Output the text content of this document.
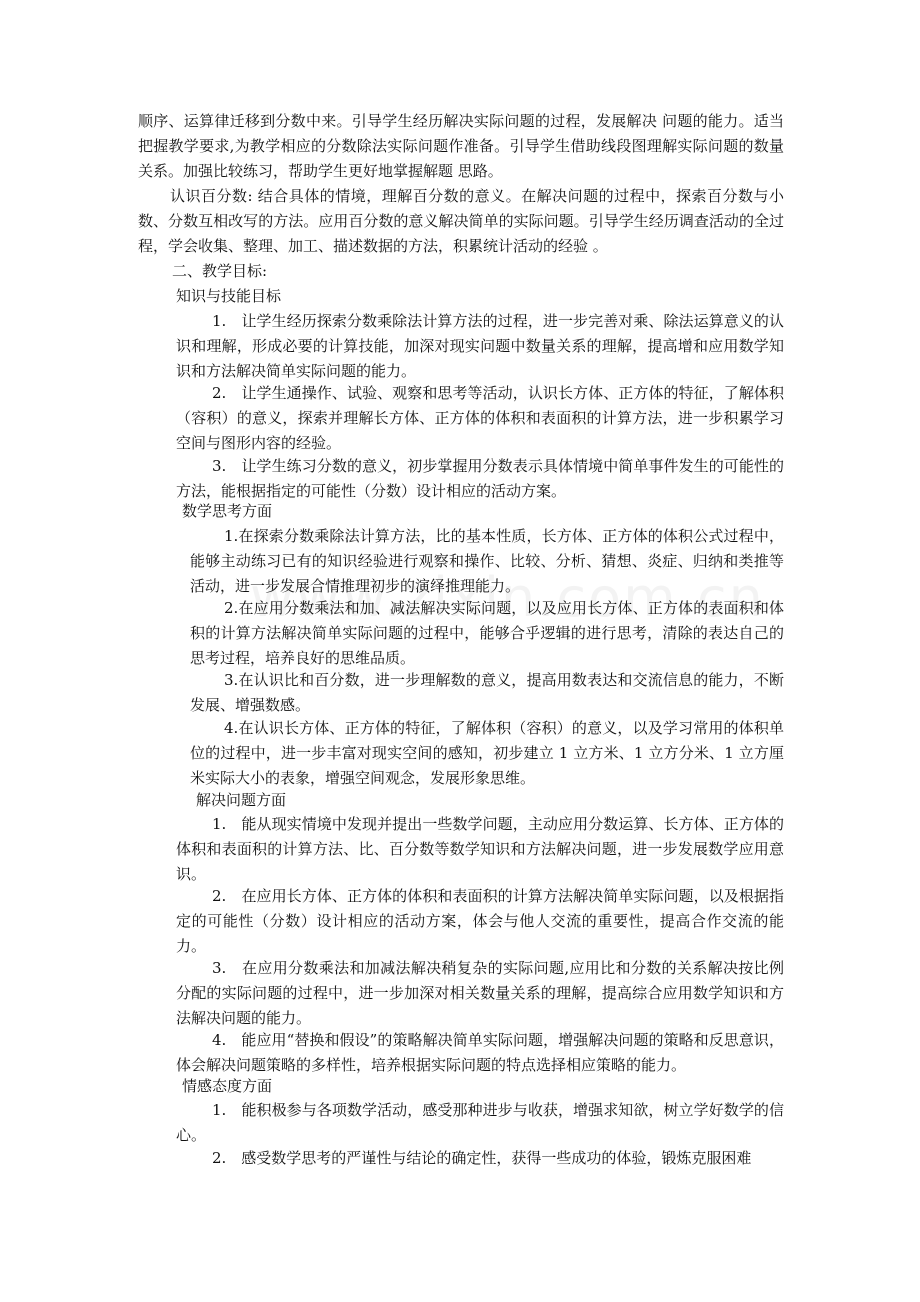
顺序、运算律迁移到分数中来。引导学生经历解决实际问题的过程，发展解决 问题的能力。适当把握教学要求,为教学相应的分数除法实际问题作准备。引导学生借助线段图理解实际问题的数量关系。加强比较练习，帮助学生更好地掌握解题 思路。

认识百分数: 结合具体的情境，理解百分数的意义。在解决问题的过程中，探索百分数与小数、分数互相改写的方法。应用百分数的意义解决简单的实际问题。引导学生经历调查活动的全过程，学会收集、整理、加工、描述数据的方法，积累统计活动的经验 。

二、教学目标:

知识与技能目标

1.　让学生经历探索分数乘除法计算方法的过程，进一步完善对乘、除法运算意义的认识和理解，形成必要的计算技能，加深对现实问题中数量关系的理解，提高增和应用数学知识和方法解决简单实际问题的能力。

2.　让学生通操作、试验、观察和思考等活动，认识长方体、正方体的特征，了解体积（容积）的意义，探索并理解长方体、正方体的体积和表面积的计算方法，进一步积累学习空间与图形内容的经验。

3.　让学生练习分数的意义，初步掌握用分数表示具体情境中简单事件发生的可能性的方法，能根据指定的可能性（分数）设计相应的活动方案。

数学思考方面

1.在探索分数乘除法计算方法，比的基本性质，长方体、正方体的体积公式过程中，能够主动练习已有的知识经验进行观察和操作、比较、分析、猜想、炎症、归纳和类推等活动，进一步发展合情推理初步的演绎推理能力。

2.在应用分数乘法和加、减法解决实际问题，以及应用长方体、正方体的表面积和体积的计算方法解决简单实际问题的过程中，能够合乎逻辑的进行思考，清除的表达自己的思考过程，培养良好的思维品质。

3.在认识比和百分数，进一步理解数的意义，提高用数表达和交流信息的能力，不断发展、增强数感。

4.在认识长方体、正方体的特征，了解体积（容积）的意义，以及学习常用的体积单位的过程中，进一步丰富对现实空间的感知，初步建立 1 立方米、1 立方分米、1 立方厘米实际大小的表象，增强空间观念，发展形象思维。

解决问题方面

1.　能从现实情境中发现并提出一些数学问题，主动应用分数运算、长方体、正方体的体积和表面积的计算方法、比、百分数等数学知识和方法解决问题，进一步发展数学应用意识。

2.　在应用长方体、正方体的体积和表面积的计算方法解决简单实际问题，以及根据指定的可能性（分数）设计相应的活动方案，体会与他人交流的重要性，提高合作交流的能力。

3.　在应用分数乘法和加减法解决稍复杂的实际问题,应用比和分数的关系解决按比例分配的实际问题的过程中，进一步加深对相关数量关系的理解，提高综合应用数学知识和方法解决问题的能力。

4.　能应用“替换和假设”的策略解决简单实际问题，增强解决问题的策略和反思意识，体会解决问题策略的多样性，培养根据实际问题的特点选择相应策略的能力。

情感态度方面

1.　能积极参与各项数学活动，感受那种进步与收获，增强求知欲，树立学好数学的信心。

2.　感受数学思考的严谨性与结论的确定性，获得一些成功的体验，锻炼克服困难
